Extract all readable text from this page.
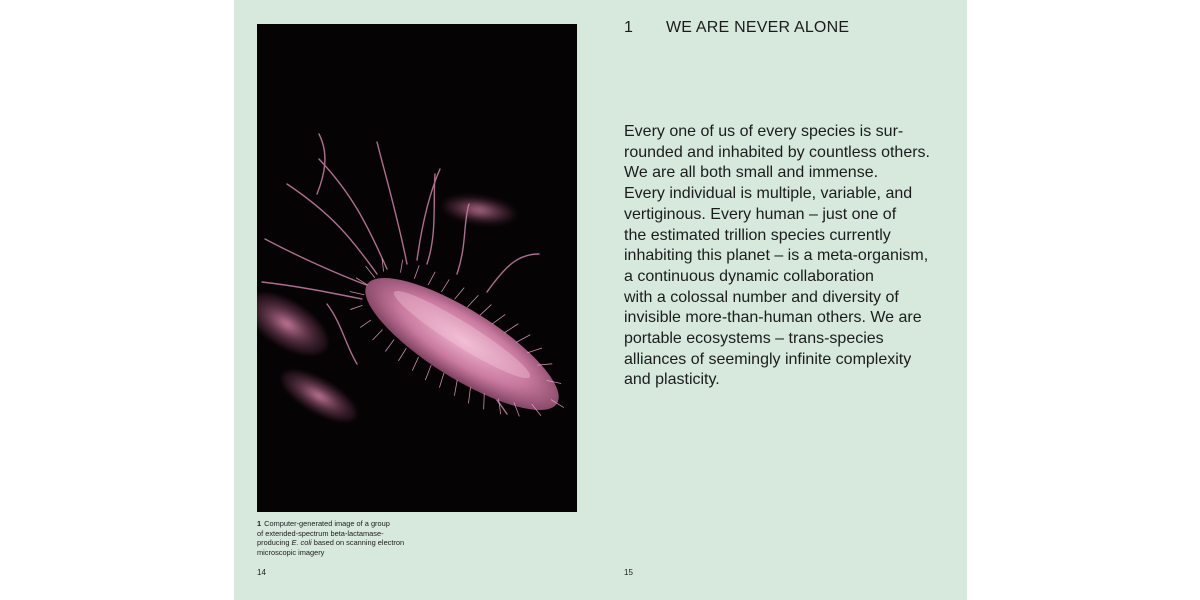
1 Computer-generated image of a group
of extended-spectrum beta-lactamase-
producing E. coli based on scanning electron
microscopic imagery
14
1 WE ARE NEVER ALONE
Every one of us of every species is sur-
rounded and inhabited by countless others.
We are all both small and immense.
Every individual is multiple, variable, and
vertiginous. Every human – just one of
the estimated trillion species currently
inhabiting this planet – is a meta-organism,
a continuous dynamic collaboration
with a colossal number and diversity of
invisible more-than-human others. We are
portable ecosystems – trans-species
alliances of seemingly infinite complexity
and plasticity.
15
